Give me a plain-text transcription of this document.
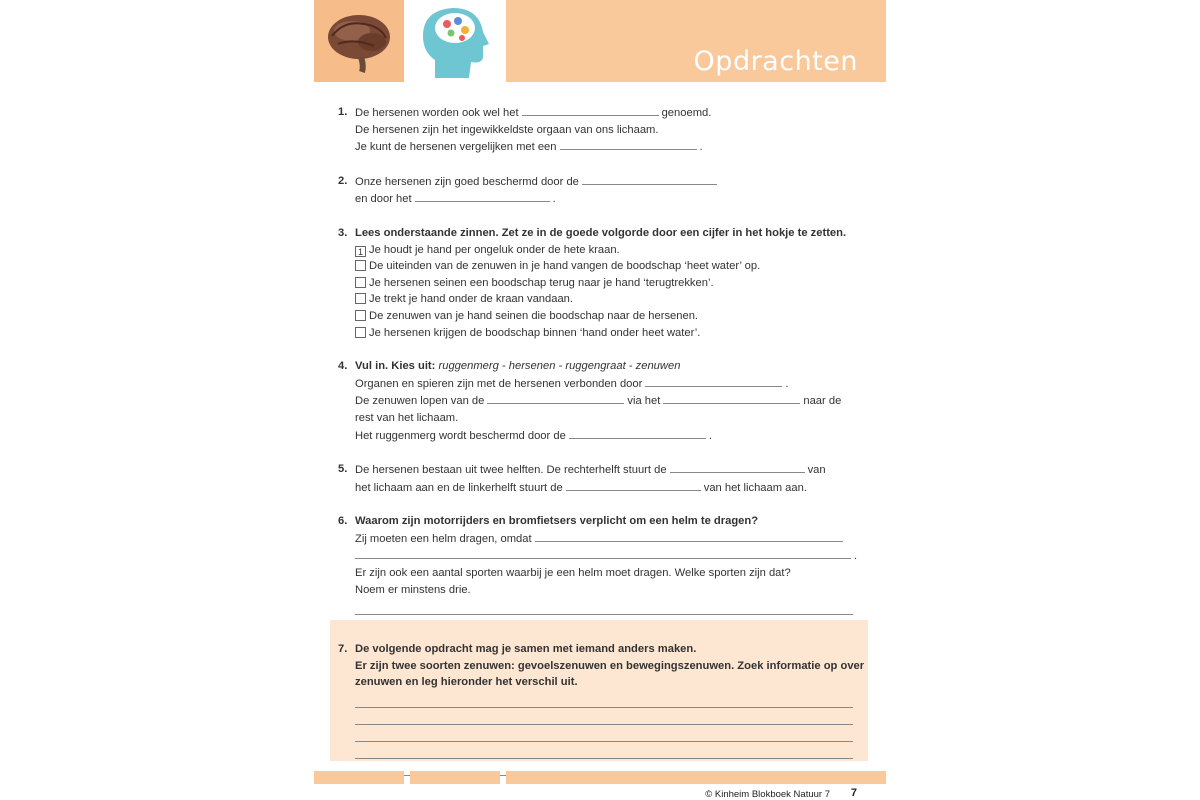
Opdrachten
1. De hersenen worden ook wel het	genoemd.
De hersenen zijn het ingewikkeldste orgaan van ons lichaam.
Je kunt de hersenen vergelijken met een	.
2. Onze hersenen zijn goed beschermd door de
en door het	.
3. Lees onderstaande zinnen. Zet ze in de goede volgorde door een cijfer in het hokje te zetten.
1 Je houdt je hand per ongeluk onder de hete kraan.
De uiteinden van de zenuwen in je hand vangen de boodschap ‘heet water’ op.
Je hersenen seinen een boodschap terug naar je hand ‘terugtrekken’.
Je trekt je hand onder de kraan vandaan.
De zenuwen van je hand seinen die boodschap naar de hersenen.
Je hersenen krijgen de boodschap binnen ‘hand onder heet water’.
4. Vul in. Kies uit: ruggenmerg - hersenen - ruggengraat - zenuwen
Organen en spieren zijn met de hersenen verbonden door	.
De zenuwen lopen van de	via het	naar de
rest van het lichaam.
Het ruggenmerg wordt beschermd door de	.
5. De hersenen bestaan uit twee helften. De rechterhelft stuurt de	van
het lichaam aan en de linkerhelft stuurt de	van het lichaam aan.
6. Waarom zijn motorrijders en bromfietsers verplicht om een helm te dragen?
Zij moeten een helm dragen, omdat
.
Er zijn ook een aantal sporten waarbij je een helm moet dragen. Welke sporten zijn dat?
Noem er minstens drie.
7. De volgende opdracht mag je samen met iemand anders maken.
Er zijn twee soorten zenuwen: gevoelszenuwen en bewegingszenuwen. Zoek informatie op over
zenuwen en leg hieronder het verschil uit.
© Kinheim Blokboek Natuur 7 7
